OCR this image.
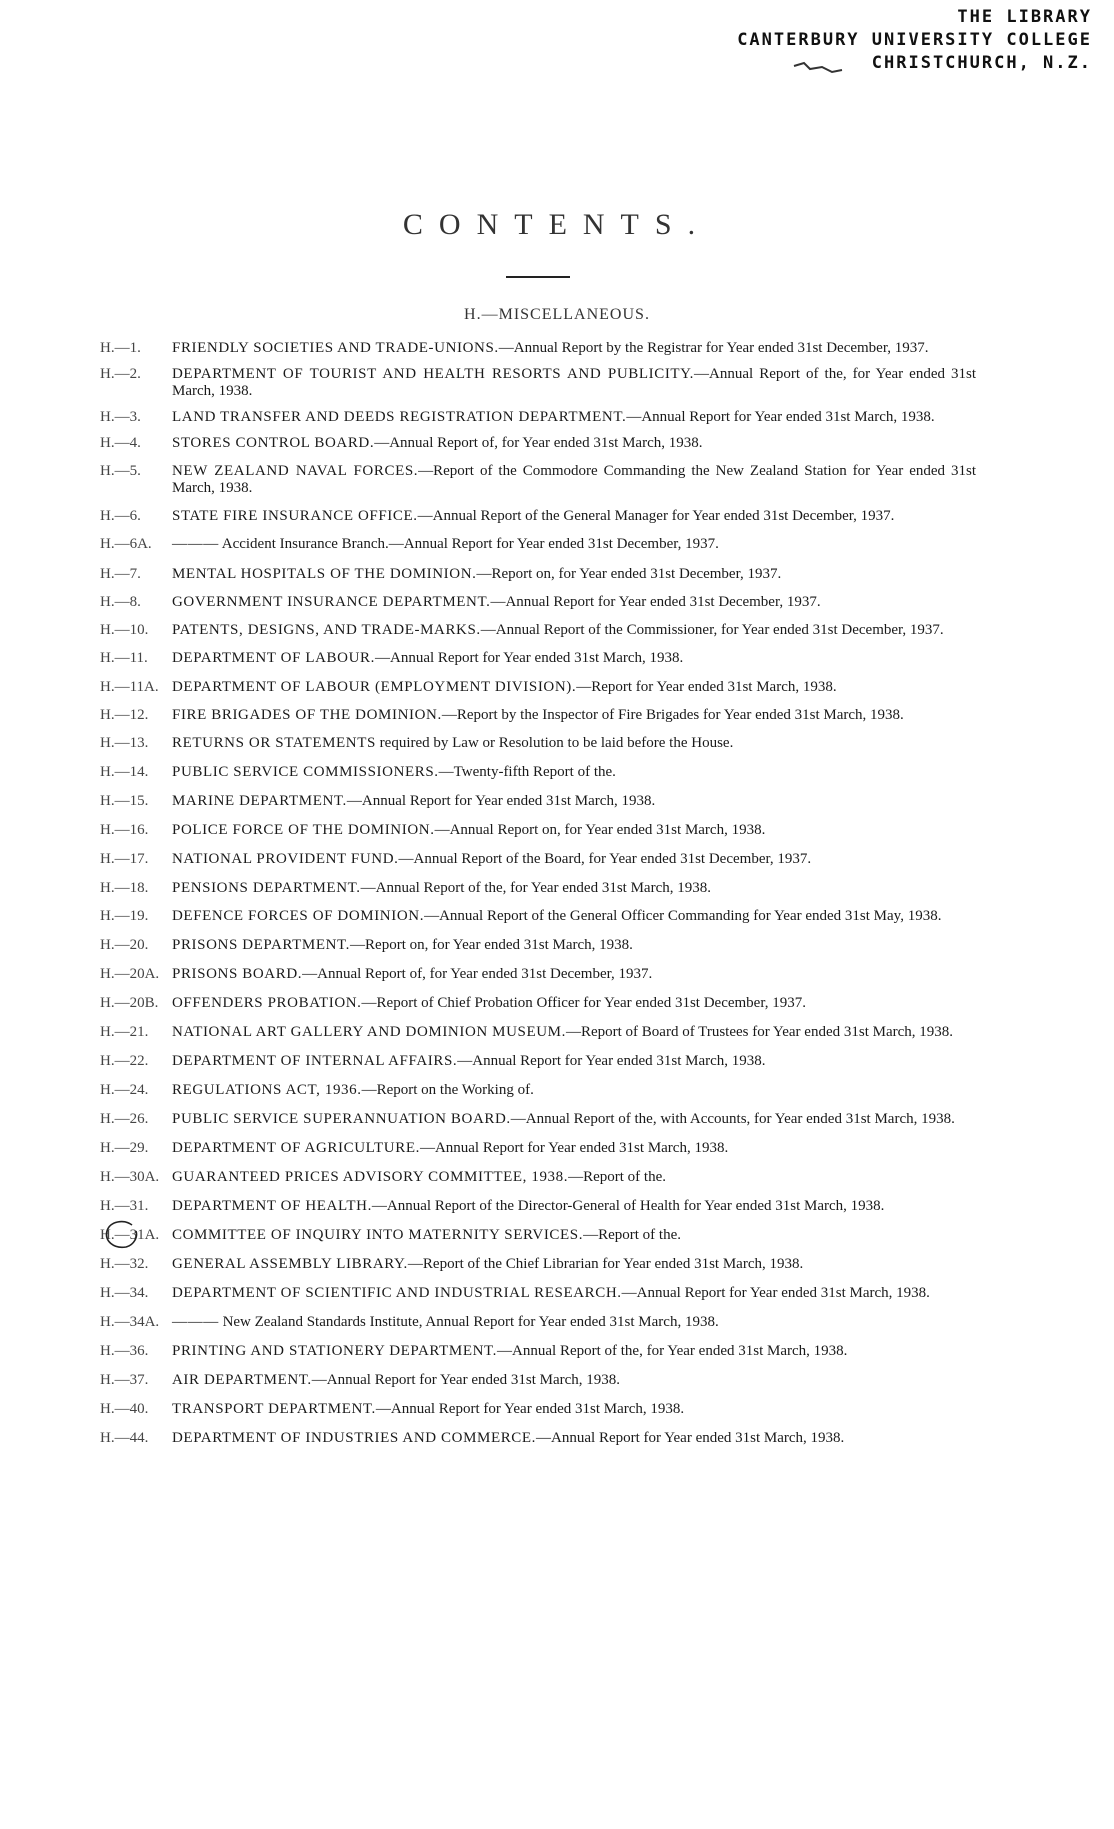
THE LIBRARY
CANTERBURY UNIVERSITY COLLEGE
CHRISTCHURCH, N.Z.
CONTENTS.
H.—MISCELLANEOUS.
H.—1.	FRIENDLY SOCIETIES AND TRADE-UNIONS.—Annual Report by the Registrar for Year ended 31st December, 1937.
H.—2.	DEPARTMENT OF TOURIST AND HEALTH RESORTS AND PUBLICITY.—Annual Report of the, for Year ended 31st March, 1938.
H.—3.	LAND TRANSFER AND DEEDS REGISTRATION DEPARTMENT.—Annual Report for Year ended 31st March, 1938.
H.—4.	STORES CONTROL BOARD.—Annual Report of, for Year ended 31st March, 1938.
H.—5.	NEW ZEALAND NAVAL FORCES.—Report of the Commodore Commanding the New Zealand Station for Year ended 31st March, 1938.
H.—6.	STATE FIRE INSURANCE OFFICE.—Annual Report of the General Manager for Year ended 31st December, 1937.
H.—6A.	——— Accident Insurance Branch.—Annual Report for Year ended 31st December, 1937.
H.—7.	MENTAL HOSPITALS OF THE DOMINION.—Report on, for Year ended 31st December, 1937.
H.—8.	GOVERNMENT INSURANCE DEPARTMENT.—Annual Report for Year ended 31st December, 1937.
H.—10.	PATENTS, DESIGNS, AND TRADE-MARKS.—Annual Report of the Commissioner, for Year ended 31st December, 1937.
H.—11.	DEPARTMENT OF LABOUR.—Annual Report for Year ended 31st March, 1938.
H.—11A. DEPARTMENT OF LABOUR (EMPLOYMENT DIVISION).—Report for Year ended 31st March, 1938.
H.—12.	FIRE BRIGADES OF THE DOMINION.—Report by the Inspector of Fire Brigades for Year ended 31st March, 1938.
H.—13.	RETURNS OR STATEMENTS required by Law or Resolution to be laid before the House.
H.—14.	PUBLIC SERVICE COMMISSIONERS.—Twenty-fifth Report of the.
H.—15.	MARINE DEPARTMENT.—Annual Report for Year ended 31st March, 1938.
H.—16.	POLICE FORCE OF THE DOMINION.—Annual Report on, for Year ended 31st March, 1938.
H.—17.	NATIONAL PROVIDENT FUND.—Annual Report of the Board, for Year ended 31st December, 1937.
H.—18.	PENSIONS DEPARTMENT.—Annual Report of the, for Year ended 31st March, 1938.
H.—19.	DEFENCE FORCES OF DOMINION.—Annual Report of the General Officer Commanding for Year ended 31st May, 1938.
H.—20.	PRISONS DEPARTMENT.—Report on, for Year ended 31st March, 1938.
H.—20A. PRISONS BOARD.—Annual Report of, for Year ended 31st December, 1937.
H.—20B. OFFENDERS PROBATION.—Report of Chief Probation Officer for Year ended 31st December, 1937.
H.—21.	NATIONAL ART GALLERY AND DOMINION MUSEUM.—Report of Board of Trustees for Year ended 31st March, 1938.
H.—22.	DEPARTMENT OF INTERNAL AFFAIRS.—Annual Report for Year ended 31st March, 1938.
H.—24.	REGULATIONS ACT, 1936.—Report on the Working of.
H.—26.	PUBLIC SERVICE SUPERANNUATION BOARD.—Annual Report of the, with Accounts, for Year ended 31st March, 1938.
H.—29.	DEPARTMENT OF AGRICULTURE.—Annual Report for Year ended 31st March, 1938.
H.—30A. GUARANTEED PRICES ADVISORY COMMITTEE, 1938.—Report of the.
H.—31.	DEPARTMENT OF HEALTH.—Annual Report of the Director-General of Health for Year ended 31st March, 1938.
H.—31A. COMMITTEE OF INQUIRY INTO MATERNITY SERVICES.—Report of the.
H.—32.	GENERAL ASSEMBLY LIBRARY.—Report of the Chief Librarian for Year ended 31st March, 1938.
H.—34.	DEPARTMENT OF SCIENTIFIC AND INDUSTRIAL RESEARCH.—Annual Report for Year ended 31st March, 1938.
H.—34A. ——— New Zealand Standards Institute, Annual Report for Year ended 31st March, 1938.
H.—36.	PRINTING AND STATIONERY DEPARTMENT.—Annual Report of the, for Year ended 31st March, 1938.
H.—37.	AIR DEPARTMENT.—Annual Report for Year ended 31st March, 1938.
H.—40.	TRANSPORT DEPARTMENT.—Annual Report for Year ended 31st March, 1938.
H.—44.	DEPARTMENT OF INDUSTRIES AND COMMERCE.—Annual Report for Year ended 31st March, 1938.
